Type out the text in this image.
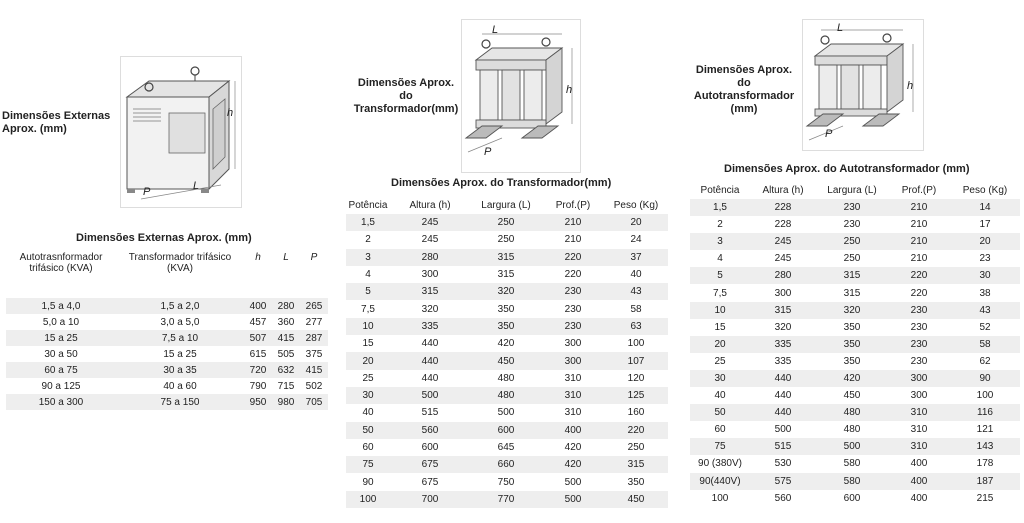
Dimensões Externas
Aprox. (mm)
h
L
P
Dimensões Externas Aprox. (mm)
Autotrasnformador
trifásico (KVA)	Transformador trifásico
(KVA)	h	L	P

1,5 a 4,0	1,5 a 2,0	400	280	265
5,0 a 10	3,0 a 5,0	457	360	277
15 a 25	7,5 a 10	507	415	287
30 a 50	15 a 25	615	505	375
60 a 75	30 a 35	720	632	415
90 a 125	40 a 60	790	715	502
150 a 300	75 a 150	950	980	705
Dimensões Aprox.
do
Transformador(mm)
h
L
P
Dimensões Aprox. do Transformador(mm)
Potência	Altura (h)	Largura (L)	Prof.(P)	Peso (Kg)
1,5	245	250	210	20
2	245	250	210	24
3	280	315	220	37
4	300	315	220	40
5	315	320	230	43
7,5	320	350	230	58
10	335	350	230	63
15	440	420	300	100
20	440	450	300	107
25	440	480	310	120
30	500	480	310	125
40	515	500	310	160
50	560	600	400	220
60	600	645	420	250
75	675	660	420	315
90	675	750	500	350
100	700	770	500	450
Dimensões Aprox.
do
Autotransformador
(mm)
h
L
P
Dimensões Aprox. do Autotransformador (mm)
Potência	Altura (h)	Largura (L)	Prof.(P)	Peso (Kg)
1,5	228	230	210	14
2	228	230	210	17
3	245	250	210	20
4	245	250	210	23
5	280	315	220	30
7,5	300	315	220	38
10	315	320	230	43
15	320	350	230	52
20	335	350	230	58
25	335	350	230	62
30	440	420	300	90
40	440	450	300	100
50	440	480	310	116
60	500	480	310	121
75	515	500	310	143
90 (380V)	530	580	400	178
90(440V)	575	580	400	187
100	560	600	400	215
